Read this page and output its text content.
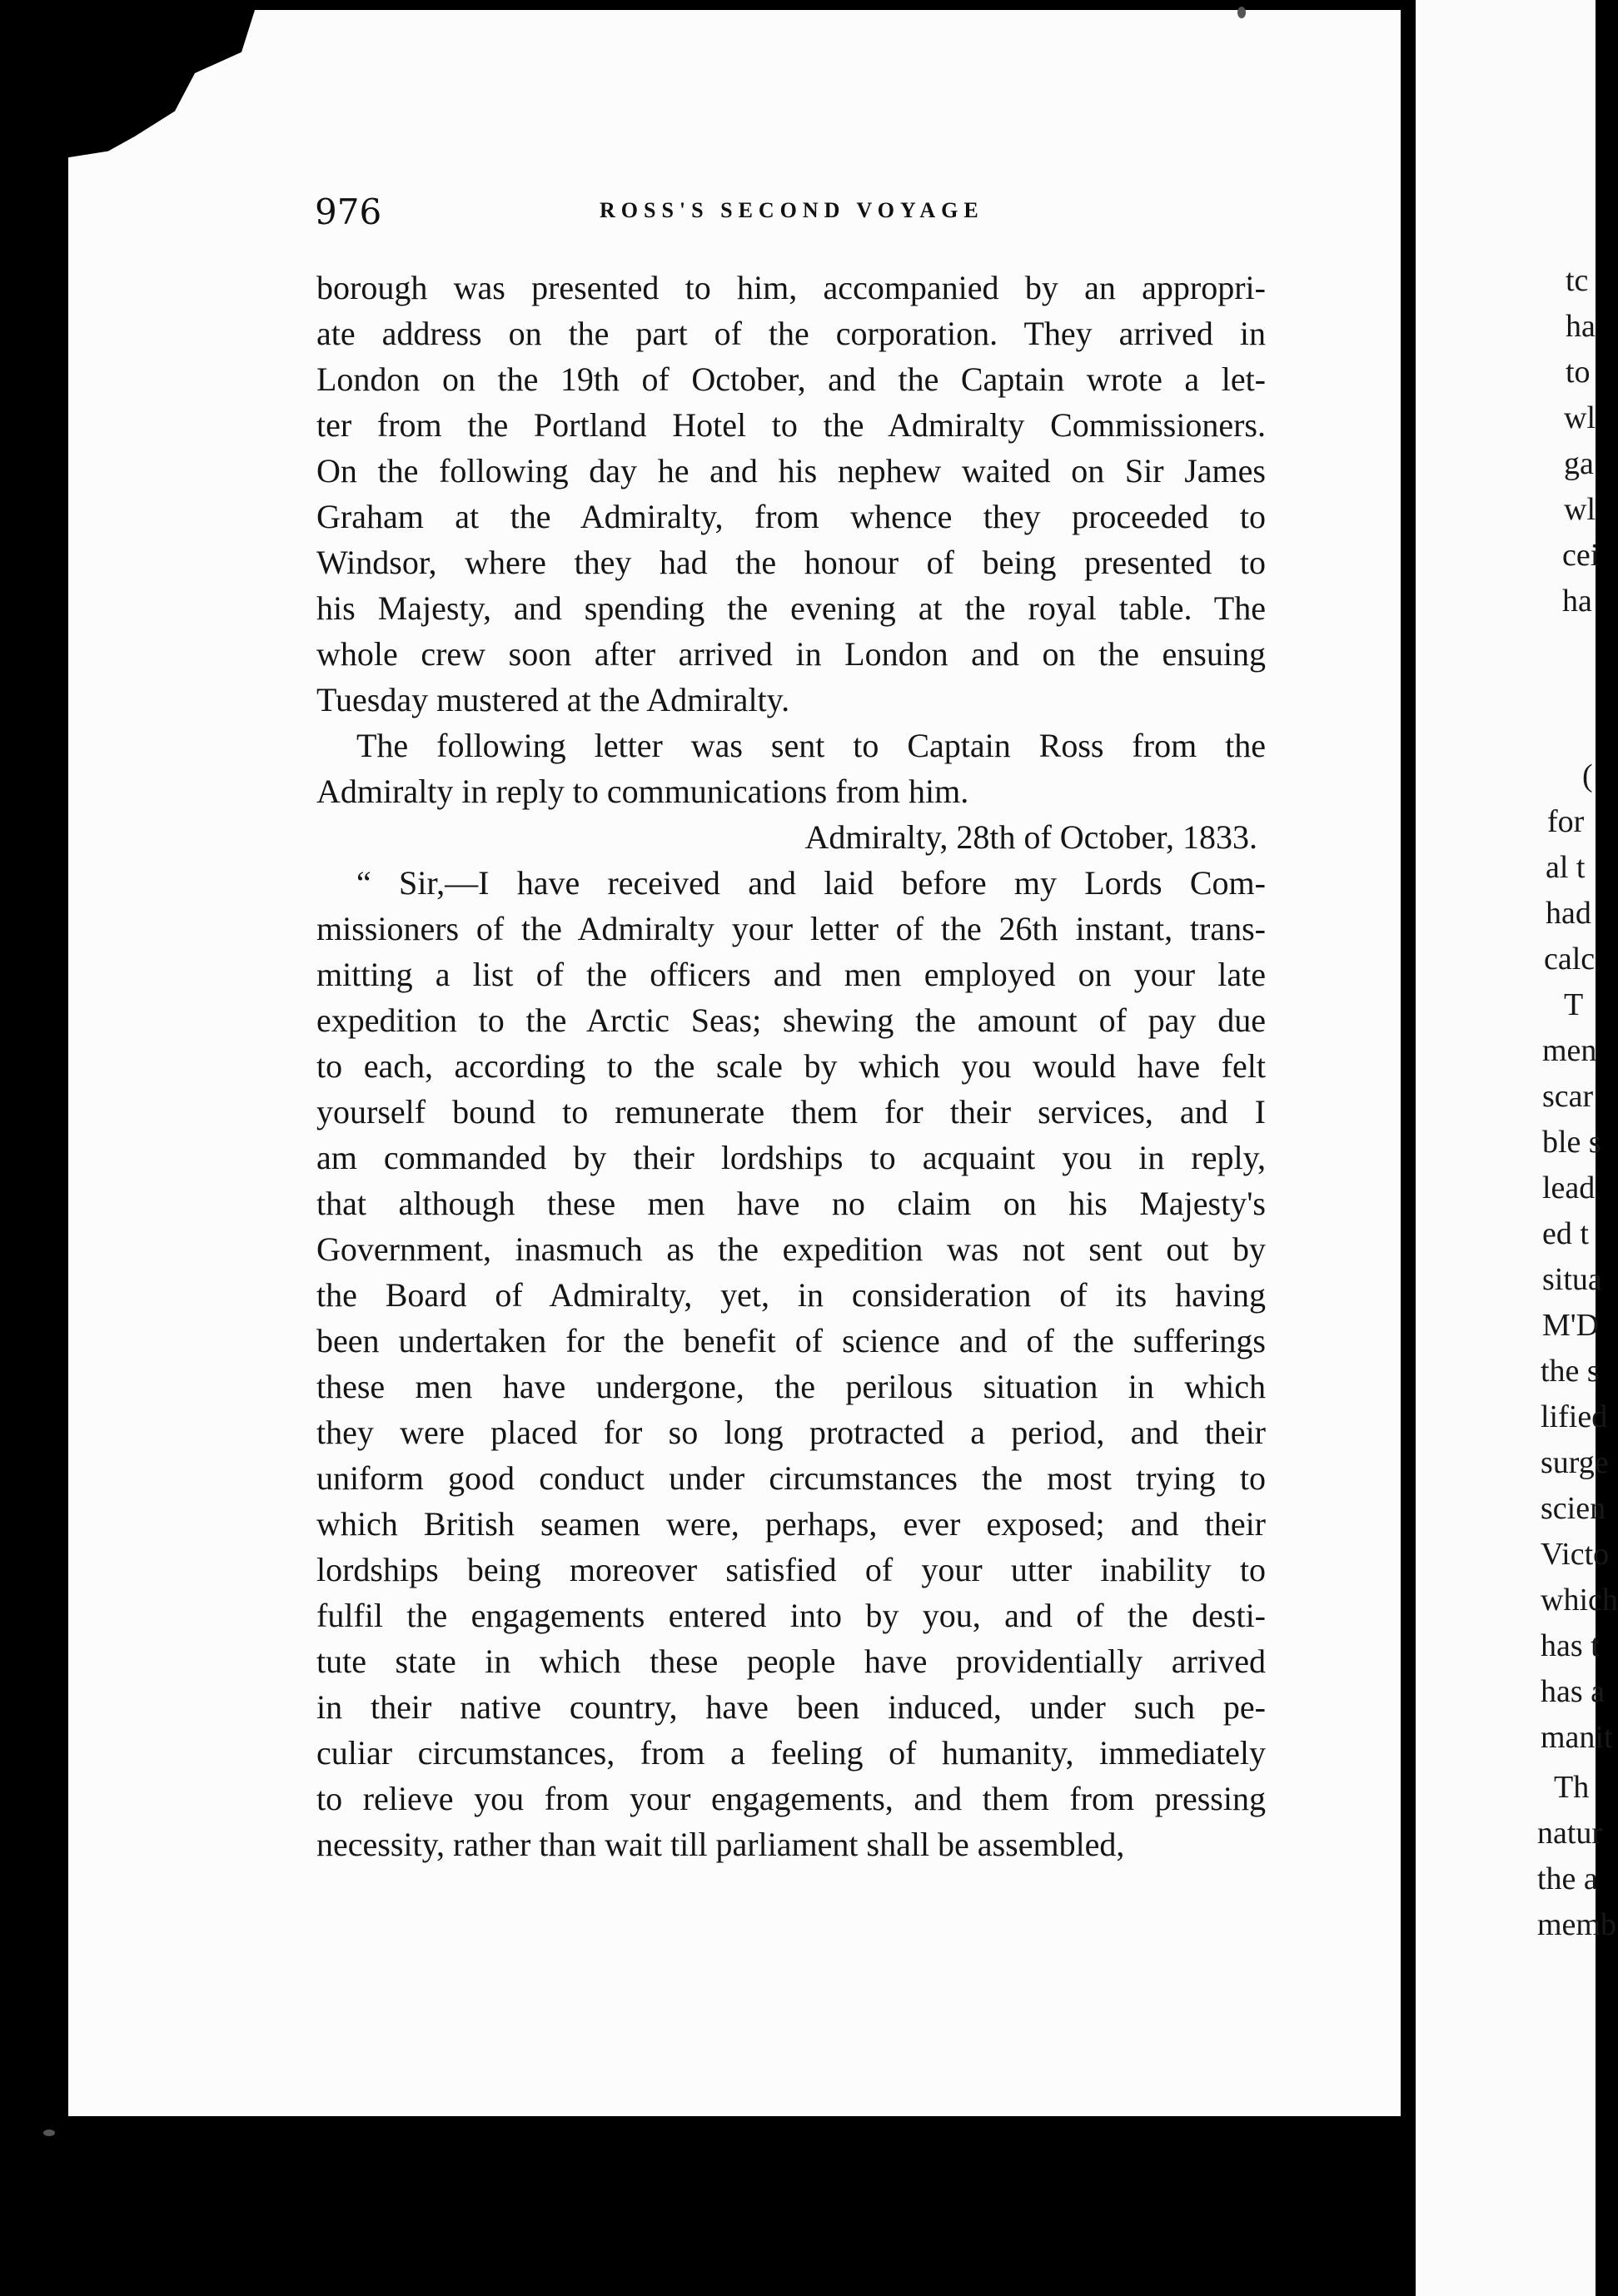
976	ROSS'S SECOND VOYAGE
borough was presented to him, accompanied by an appropri-
ate address on the part of the corporation. They arrived in
London on the 19th of October, and the Captain wrote a let-
ter from the Portland Hotel to the Admiralty Commissioners.
On the following day he and his nephew waited on Sir James
Graham at the Admiralty, from whence they proceeded to
Windsor, where they had the honour of being presented to
his Majesty, and spending the evening at the royal table. The
whole crew soon after arrived in London and on the ensuing
Tuesday mustered at the Admiralty.
The following letter was sent to Captain Ross from the
Admiralty in reply to communications from him.
Admiralty, 28th of October, 1833.
“ Sir,—I have received and laid before my Lords Com-
missioners of the Admiralty your letter of the 26th instant, trans-
mitting a list of the officers and men employed on your late
expedition to the Arctic Seas; shewing the amount of pay due
to each, according to the scale by which you would have felt
yourself bound to remunerate them for their services, and I
am commanded by their lordships to acquaint you in reply,
that although these men have no claim on his Majesty's
Government, inasmuch as the expedition was not sent out by
the Board of Admiralty, yet, in consideration of its having
been undertaken for the benefit of science and of the sufferings
these men have undergone, the perilous situation in which
they were placed for so long protracted a period, and their
uniform good conduct under circumstances the most trying to
which British seamen were, perhaps, ever exposed; and their
lordships being moreover satisfied of your utter inability to
fulfil the engagements entered into by you, and of the desti-
tute state in which these people have providentially arrived
in their native country, have been induced, under such pe-
culiar circumstances, from a feeling of humanity, immediately
to relieve you from your engagements, and them from pressing
necessity, rather than wait till parliament shall be assembled,
tc
ha
to
wl
ga
wl
cei
ha
(
for
al t
had
calc
T
men
scar
ble s
lead
ed t
situa
M'D
the s
lified
surge
scien
Victo
which
has t
has a
manit
Th
natur
the a
memb
